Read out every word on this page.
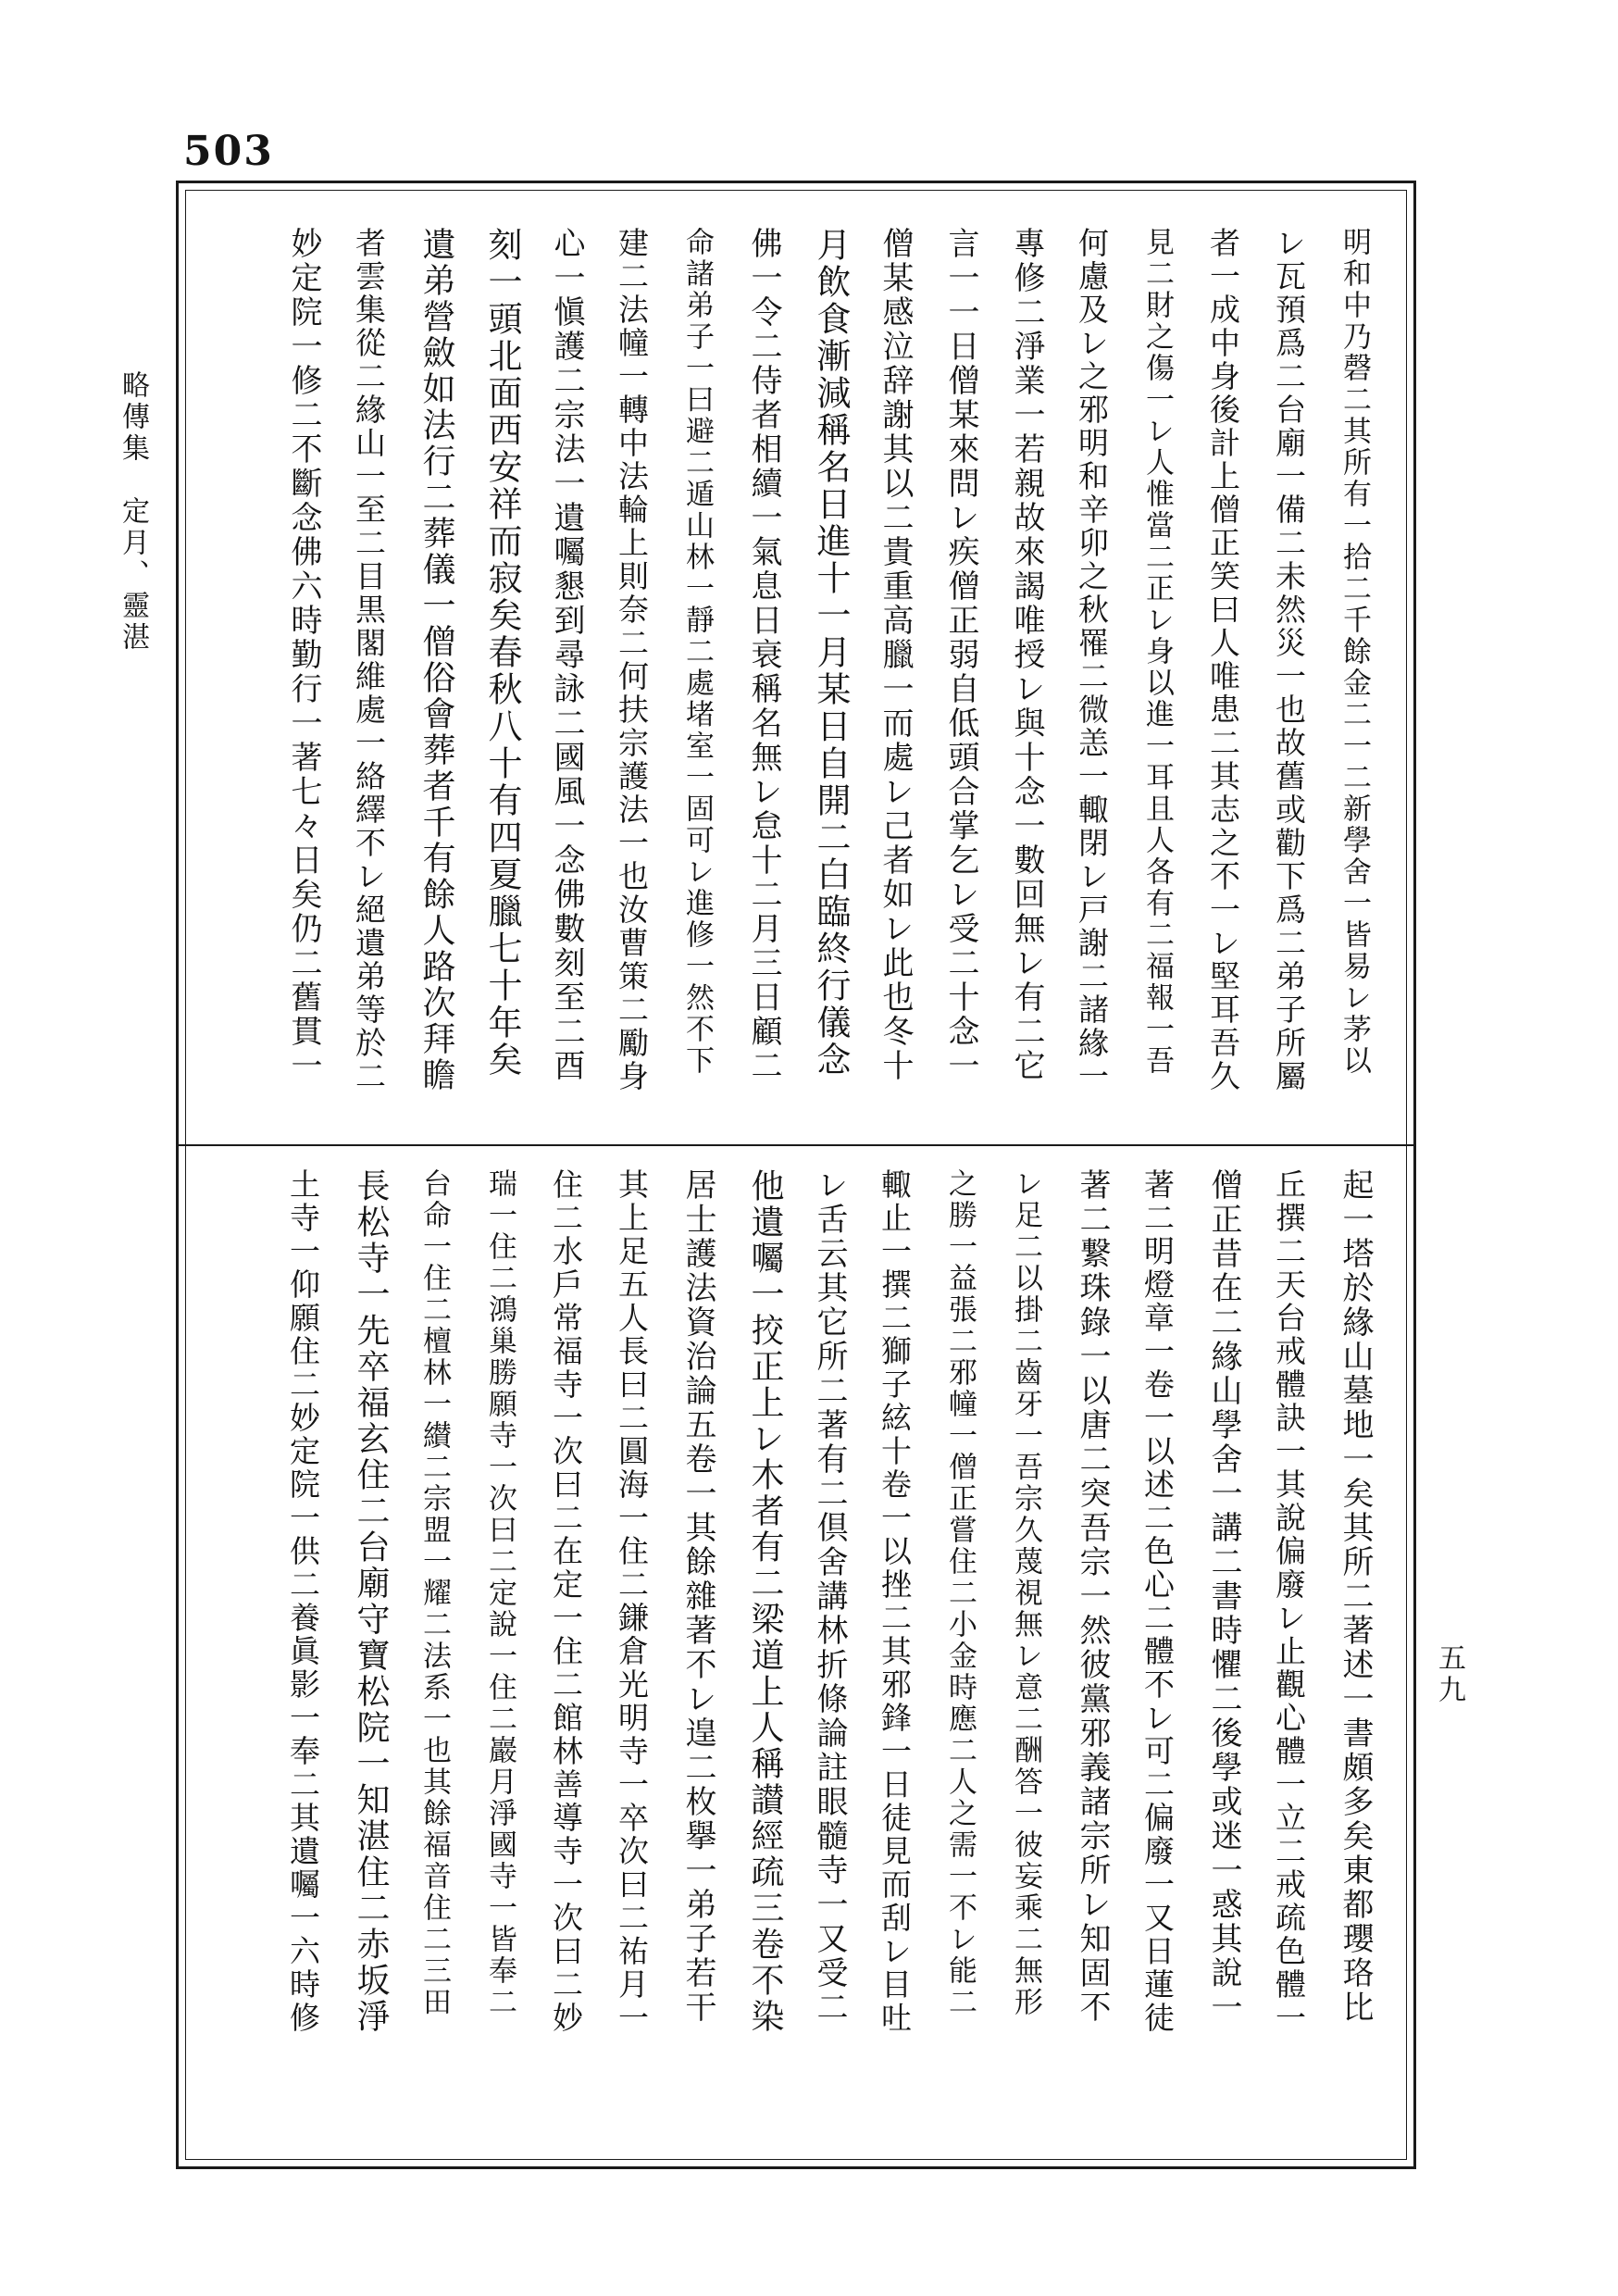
503
略傳集　定月、靈湛
五九
明和中乃磬二其所有一拾二千餘金二一二新學舍一皆易レ茅以
レ瓦預爲二台廟一備二未然災一也故舊或勸下爲二弟子所屬
者一成中身後計上僧正笑曰人唯患二其志之不一レ堅耳吾久
見二財之傷一レ人惟當二正レ身以進一耳且人各有二福報一吾
何慮及レ之邪明和辛卯之秋罹二微恙一輙閉レ戸謝二諸緣一
專修二淨業一若親故來謁唯授レ與十念一數回無レ有二它
言一一日僧某來問レ疾僧正弱自低頭合掌乞レ受二十念一
僧某感泣辞謝其以二貴重高臘一而處レ己者如レ此也冬十
月飲食漸減稱名日進十一月某日自開二白臨終行儀念
佛一令二侍者相續一氣息日衰稱名無レ怠十二月三日顧二
命諸弟子一曰避二遁山林一靜二處堵室一固可レ進修一然不下
建二法幢一轉中法輪上則奈二何扶宗護法一也汝曹策二勵身
心一愼護二宗法一遺囑懇到尋詠二國風一念佛數刻至二酉
刻一頭北面西安祥而寂矣春秋八十有四夏臘七十年矣
遺弟營斂如法行二葬儀一僧俗會葬者千有餘人路次拜瞻
者雲集從二緣山一至二目黒閣維處一絡繹不レ絕遺弟等於二
妙定院一修二不斷念佛六時勤行一著七々日矣仍二舊貫一
起一塔於緣山墓地一矣其所二著述一書頗多矣東都瓔珞比
丘撰二天台戒體訣一其說偏廢レ止觀心體一立二戒疏色體一
僧正昔在二緣山學舍一講二書時懼二後學或迷一惑其說一
著二明燈章一卷一以述二色心二體不レ可二偏廢一又日蓮徒
著二繋珠錄一以唐二突吾宗一然彼黨邪義諸宗所レ知固不
レ足二以掛二齒牙一吾宗久蔑視無レ意二酬答一彼妄乘二無形
之勝一益張二邪幢一僧正嘗住二小金時應二人之需一不レ能二
輙止一撰二獅子絃十卷一以挫二其邪鋒一日徒見而刮レ目吐
レ舌云其它所二著有二倶舍講林折條論註眼髓寺一又受二
他遺囑一挍正上レ木者有二梁道上人稱讃經疏三卷不染
居士護法資治論五卷一其餘雜著不レ遑二枚擧一弟子若干
其上足五人長曰二圓海一住二鎌倉光明寺一卒次曰二祐月一
住二水戶常福寺一次曰二在定一住二館林善導寺一次曰二妙
瑞一住二鴻巢勝願寺一次曰二定說一住二巖月淨國寺一皆奉二
台命一住二檀林一纉二宗盟一耀二法系一也其餘福音住二三田
長松寺一先卒福玄住二台廟守寶松院一知湛住二赤坂淨
土寺一仰願住二妙定院一供二養眞影一奉二其遺囑一六時修
